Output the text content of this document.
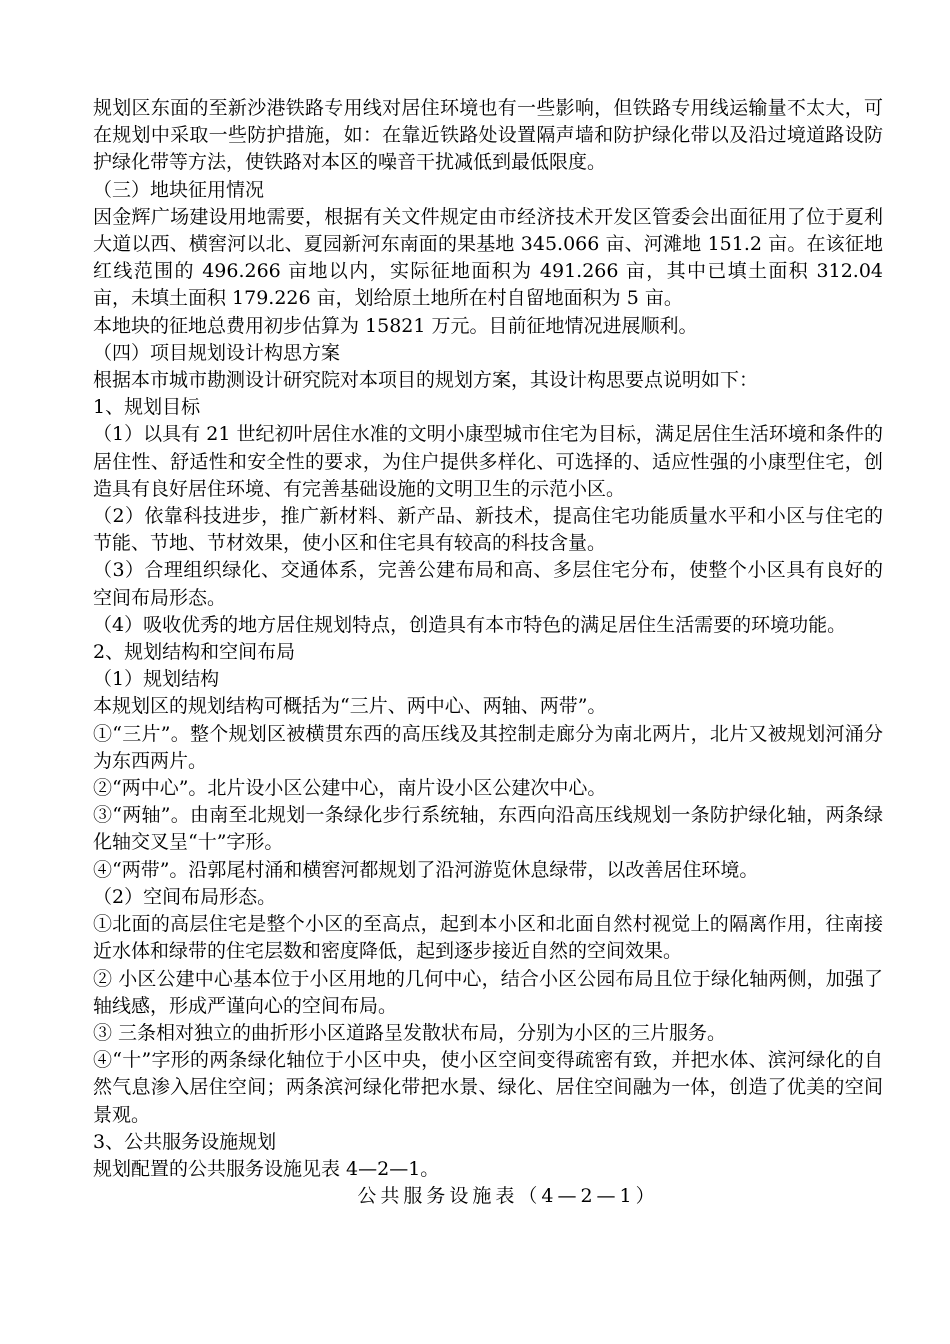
规划区东面的至新沙港铁路专用线对居住环境也有一些影响，但铁路专用线运输量不太大，可在规划中采取一些防护措施，如：在靠近铁路处设置隔声墙和防护绿化带以及沿过境道路设防护绿化带等方法，使铁路对本区的噪音干扰减低到最低限度。

（三）地块征用情况

因金辉广场建设用地需要，根据有关文件规定由市经济技术开发区管委会出面征用了位于夏利大道以西、横窖河以北、夏园新河东南面的果基地 345.066 亩、河滩地 151.2 亩。在该征地红线范围的 496.266 亩地以内，实际征地面积为 491.266 亩，其中已填土面积 312.04 亩，未填土面积 179.226 亩，划给原土地所在村自留地面积为 5 亩。

本地块的征地总费用初步估算为 15821 万元。目前征地情况进展顺利。

（四）项目规划设计构思方案

根据本市城市勘测设计研究院对本项目的规划方案，其设计构思要点说明如下：

1、规划目标

（1）以具有 21 世纪初叶居住水准的文明小康型城市住宅为目标，满足居住生活环境和条件的居住性、舒适性和安全性的要求，为住户提供多样化、可选择的、适应性强的小康型住宅，创造具有良好居住环境、有完善基础设施的文明卫生的示范小区。

（2）依靠科技进步，推广新材料、新产品、新技术，提高住宅功能质量水平和小区与住宅的节能、节地、节材效果，使小区和住宅具有较高的科技含量。

（3）合理组织绿化、交通体系，完善公建布局和高、多层住宅分布，使整个小区具有良好的空间布局形态。

（4）吸收优秀的地方居住规划特点，创造具有本市特色的满足居住生活需要的环境功能。

2、规划结构和空间布局

（1）规划结构

本规划区的规划结构可概括为“三片、两中心、两轴、两带”。

①“三片”。整个规划区被横贯东西的高压线及其控制走廊分为南北两片，北片又被规划河涌分为东西两片。

②“两中心”。北片设小区公建中心，南片设小区公建次中心。

③“两轴”。由南至北规划一条绿化步行系统轴，东西向沿高压线规划一条防护绿化轴，两条绿化轴交叉呈“十”字形。

④“两带”。沿郭尾村涌和横窖河都规划了沿河游览休息绿带，以改善居住环境。

（2）空间布局形态。

①北面的高层住宅是整个小区的至高点，起到本小区和北面自然村视觉上的隔离作用，往南接近水体和绿带的住宅层数和密度降低，起到逐步接近自然的空间效果。

② 小区公建中心基本位于小区用地的几何中心，结合小区公园布局且位于绿化轴两侧，加强了轴线感，形成严谨向心的空间布局。

③ 三条相对独立的曲折形小区道路呈发散状布局，分别为小区的三片服务。

④“十”字形的两条绿化轴位于小区中央，使小区空间变得疏密有致，并把水体、滨河绿化的自然气息渗入居住空间；两条滨河绿化带把水景、绿化、居住空间融为一体，创造了优美的空间景观。

3、公共服务设施规划

规划配置的公共服务设施见表 4—2—1。

公共服务设施表（4—2—1）
